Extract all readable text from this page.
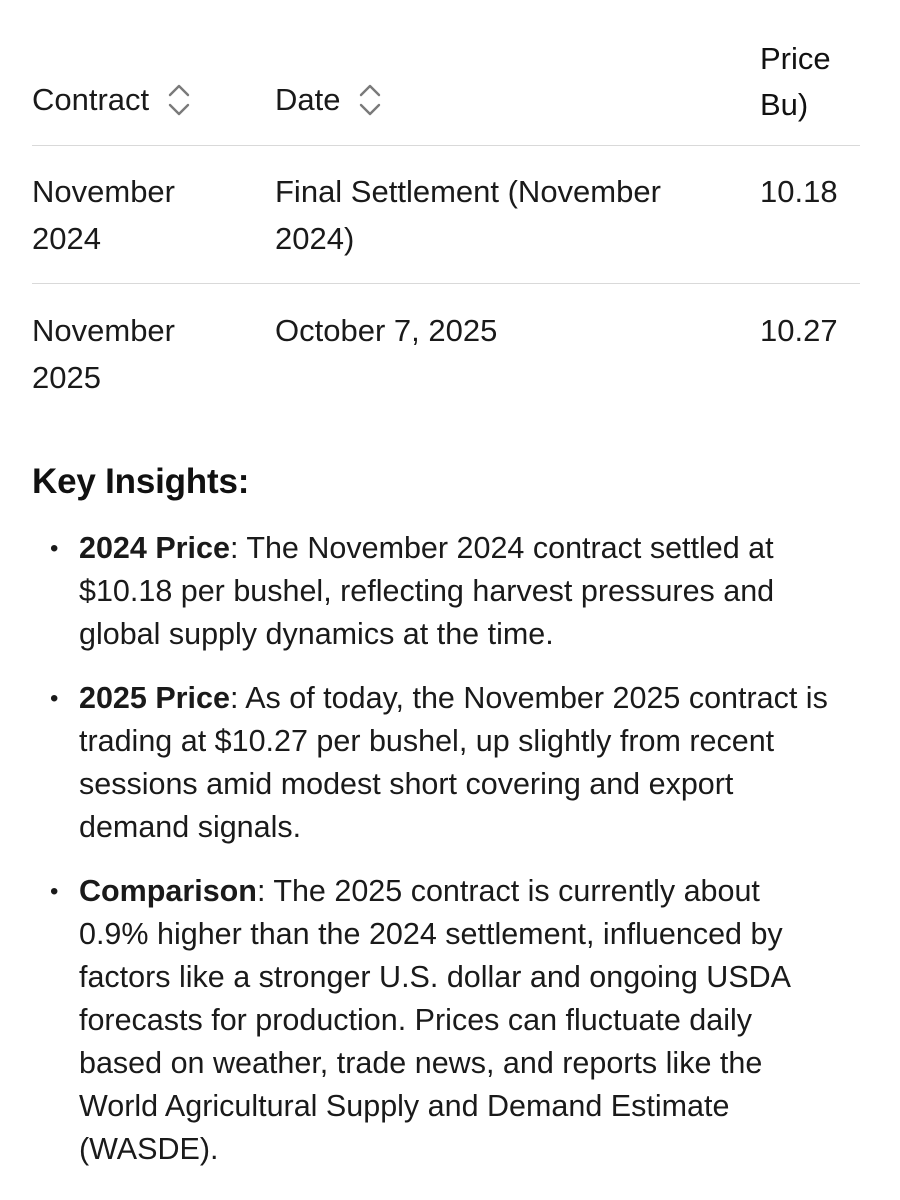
Contract	Date
Price
Bu)
November 2024
Final Settlement (November 2024)
10.18
November 2025
October 7, 2025	10.27
Key Insights:
• 2024 Price: The November 2024 contract settled at $10.18 per bushel, reflecting harvest pressures and global supply dynamics at the time.
• 2025 Price: As of today, the November 2025 contract is trading at $10.27 per bushel, up slightly from recent sessions amid modest short covering and export demand signals.
• Comparison: The 2025 contract is currently about 0.9% higher than the 2024 settlement, influenced by factors like a stronger U.S. dollar and ongoing USDA forecasts for production. Prices can fluctuate daily based on weather, trade news, and reports like the World Agricultural Supply and Demand Estimate (WASDE).
